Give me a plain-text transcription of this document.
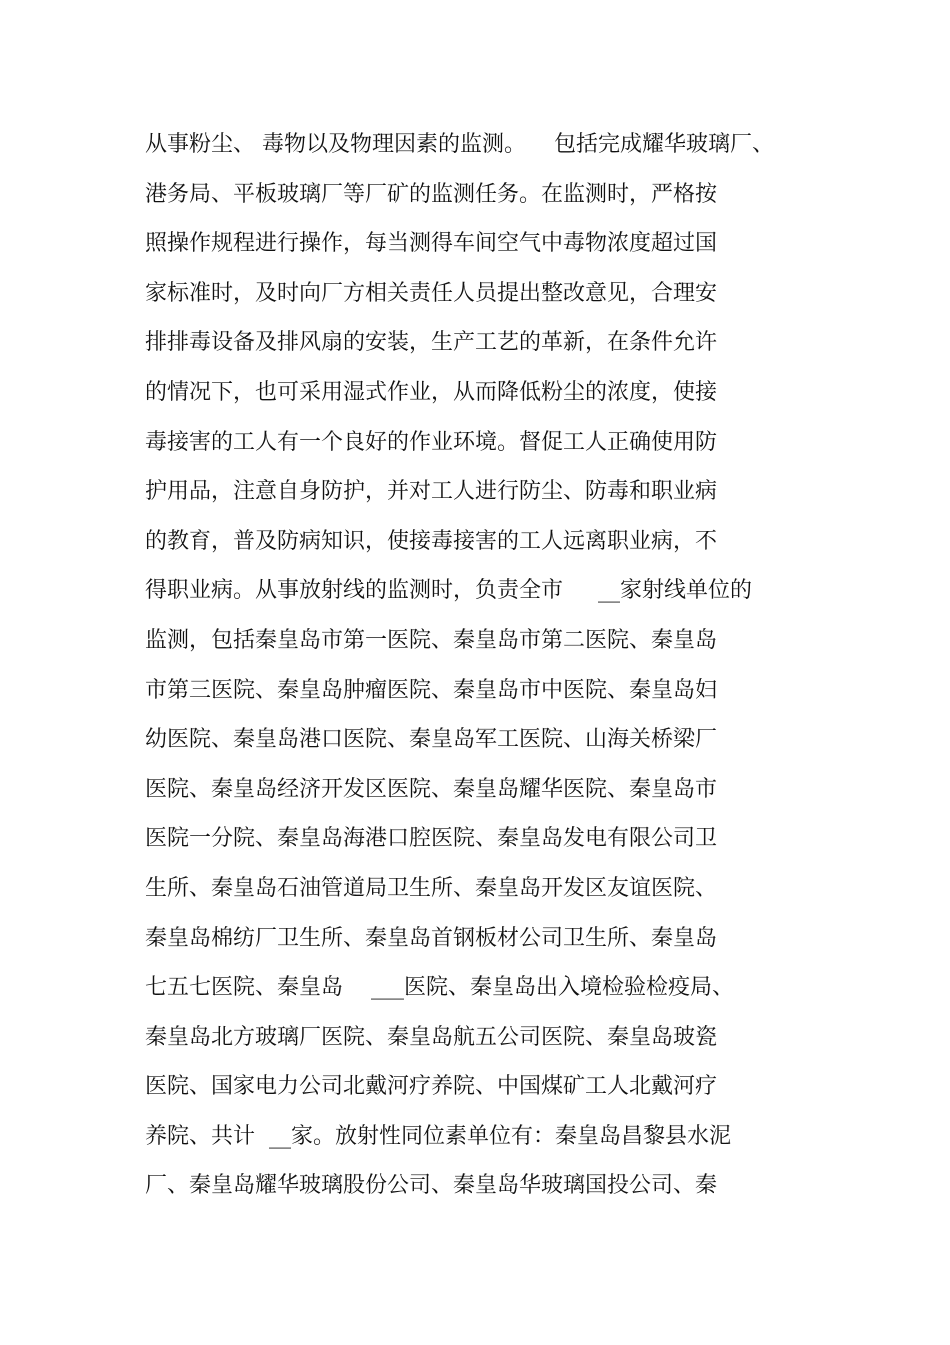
从事粉尘、 毒物以及物理因素的监测。    包括完成耀华玻璃厂、
港务局、平板玻璃厂等厂矿的监测任务。在监测时，严格按
照操作规程进行操作，每当测得车间空气中毒物浓度超过国
家标准时，及时向厂方相关责任人员提出整改意见，合理安
排排毒设备及排风扇的安装，生产工艺的革新，在条件允许
的情况下，也可采用湿式作业，从而降低粉尘的浓度，使接
毒接害的工人有一个良好的作业环境。督促工人正确使用防
护用品，注意自身防护，并对工人进行防尘、防毒和职业病
的教育，普及防病知识，使接毒接害的工人远离职业病，不
得职业病。从事放射线的监测时，负责全市     __家射线单位的
监测，包括秦皇岛市第一医院、秦皇岛市第二医院、秦皇岛
市第三医院、秦皇岛肿瘤医院、秦皇岛市中医院、秦皇岛妇
幼医院、秦皇岛港口医院、秦皇岛军工医院、山海关桥梁厂
医院、秦皇岛经济开发区医院、秦皇岛耀华医院、秦皇岛市
医院一分院、秦皇岛海港口腔医院、秦皇岛发电有限公司卫
生所、秦皇岛石油管道局卫生所、秦皇岛开发区友谊医院、
秦皇岛棉纺厂卫生所、秦皇岛首钢板材公司卫生所、秦皇岛
七五七医院、秦皇岛    ___医院、秦皇岛出入境检验检疫局、
秦皇岛北方玻璃厂医院、秦皇岛航五公司医院、秦皇岛玻瓷
医院、国家电力公司北戴河疗养院、中国煤矿工人北戴河疗
养院、共计  __家。放射性同位素单位有：秦皇岛昌黎县水泥
厂、秦皇岛耀华玻璃股份公司、秦皇岛华玻璃国投公司、秦
